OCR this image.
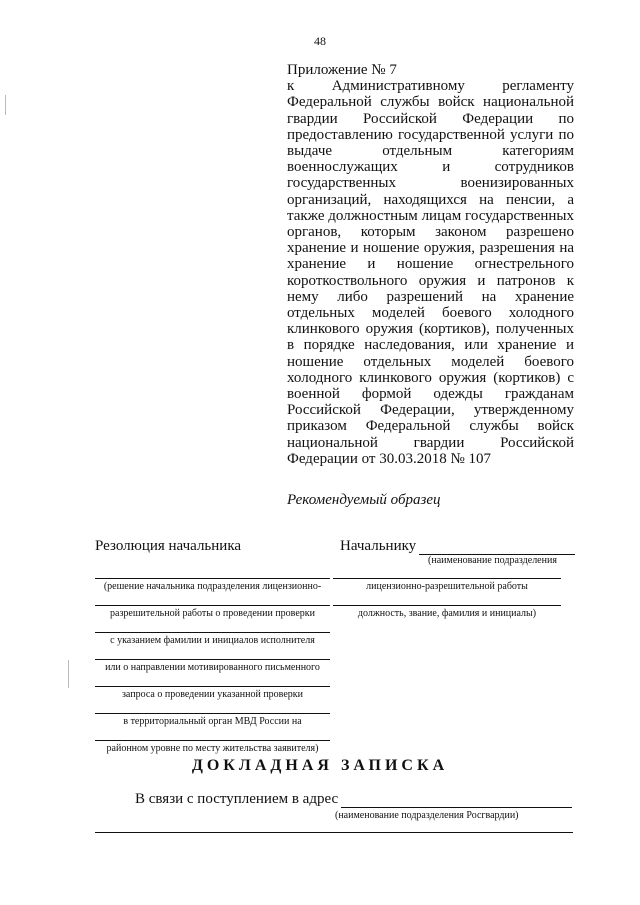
48
Приложение № 7
к Административному регламенту Федеральной службы войск национальной гвардии Российской Федерации по предоставлению государственной услуги по выдаче отдельным категориям военнослужащих и сотрудников государственных военизированных организаций, находящихся на пенсии, а также должностным лицам государственных органов, которым законом разрешено хранение и ношение оружия, разрешения на хранение и ношение огнестрельного короткоствольного оружия и патронов к нему либо разрешений на хранение отдельных моделей боевого холодного клинкового оружия (кортиков), полученных в порядке наследования, или хранение и ношение отдельных моделей боевого холодного клинкового оружия (кортиков) с военной формой одежды гражданам Российской Федерации, утвержденному приказом Федеральной службы войск национальной гвардии Российской Федерации от 30.03.2018 № 107
Рекомендуемый образец
Резолюция начальника	Начальнику
(наименование подразделения
(решение начальника подразделения лицензионно-
разрешительной работы о проведении проверки
с указанием фамилии и инициалов исполнителя
или о направлении мотивированного письменного
запроса о проведении указанной проверки
в территориальный орган МВД России на
районном уровне по месту жительства заявителя)
лицензионно-разрешительной работы
должность, звание, фамилия и инициалы)
ДОКЛАДНАЯ ЗАПИСКА
В связи с поступлением в адрес
(наименование подразделения Росгвардии)
